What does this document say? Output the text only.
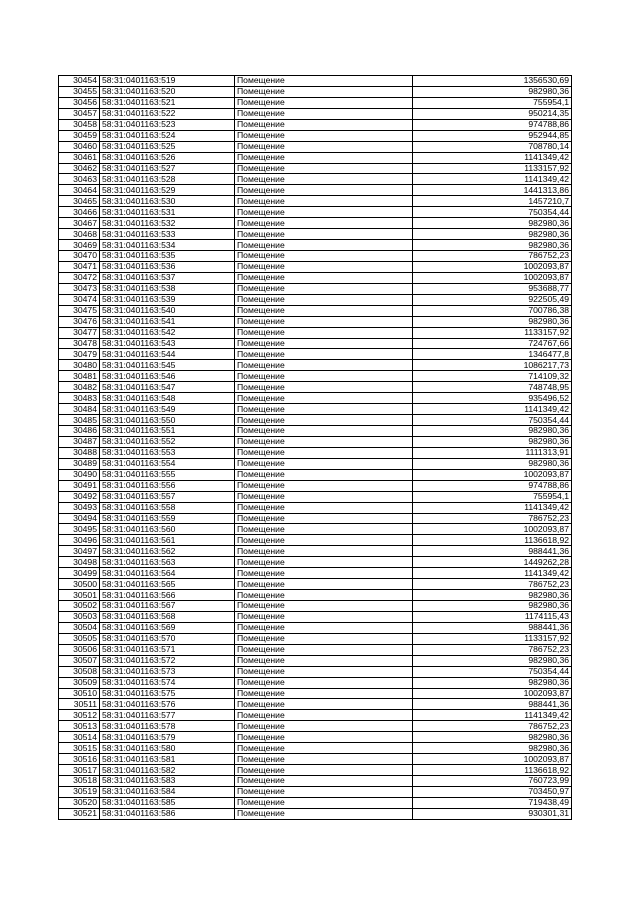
30454	58:31:0401163:519	Помещение	1356530,69
30455	58:31:0401163:520	Помещение	982980,36
30456	58:31:0401163:521	Помещение	755954,1
30457	58:31:0401163:522	Помещение	950214,35
30458	58:31:0401163:523	Помещение	974788,86
30459	58:31:0401163:524	Помещение	952944,85
30460	58:31:0401163:525	Помещение	708780,14
30461	58:31:0401163:526	Помещение	1141349,42
30462	58:31:0401163:527	Помещение	1133157,92
30463	58:31:0401163:528	Помещение	1141349,42
30464	58:31:0401163:529	Помещение	1441313,86
30465	58:31:0401163:530	Помещение	1457210,7
30466	58:31:0401163:531	Помещение	750354,44
30467	58:31:0401163:532	Помещение	982980,36
30468	58:31:0401163:533	Помещение	982980,36
30469	58:31:0401163:534	Помещение	982980,36
30470	58:31:0401163:535	Помещение	786752,23
30471	58:31:0401163:536	Помещение	1002093,87
30472	58:31:0401163:537	Помещение	1002093,87
30473	58:31:0401163:538	Помещение	953688,77
30474	58:31:0401163:539	Помещение	922505,49
30475	58:31:0401163:540	Помещение	700786,38
30476	58:31:0401163:541	Помещение	982980,36
30477	58:31:0401163:542	Помещение	1133157,92
30478	58:31:0401163:543	Помещение	724767,66
30479	58:31:0401163:544	Помещение	1346477,8
30480	58:31:0401163:545	Помещение	1086217,73
30481	58:31:0401163:546	Помещение	714109,32
30482	58:31:0401163:547	Помещение	748748,95
30483	58:31:0401163:548	Помещение	935496,52
30484	58:31:0401163:549	Помещение	1141349,42
30485	58:31:0401163:550	Помещение	750354,44
30486	58:31:0401163:551	Помещение	982980,36
30487	58:31:0401163:552	Помещение	982980,36
30488	58:31:0401163:553	Помещение	1111313,91
30489	58:31:0401163:554	Помещение	982980,36
30490	58:31:0401163:555	Помещение	1002093,87
30491	58:31:0401163:556	Помещение	974788,86
30492	58:31:0401163:557	Помещение	755954,1
30493	58:31:0401163:558	Помещение	1141349,42
30494	58:31:0401163:559	Помещение	786752,23
30495	58:31:0401163:560	Помещение	1002093,87
30496	58:31:0401163:561	Помещение	1136618,92
30497	58:31:0401163:562	Помещение	988441,36
30498	58:31:0401163:563	Помещение	1449262,28
30499	58:31:0401163:564	Помещение	1141349,42
30500	58:31:0401163:565	Помещение	786752,23
30501	58:31:0401163:566	Помещение	982980,36
30502	58:31:0401163:567	Помещение	982980,36
30503	58:31:0401163:568	Помещение	1174115,43
30504	58:31:0401163:569	Помещение	988441,36
30505	58:31:0401163:570	Помещение	1133157,92
30506	58:31:0401163:571	Помещение	786752,23
30507	58:31:0401163:572	Помещение	982980,36
30508	58:31:0401163:573	Помещение	750354,44
30509	58:31:0401163:574	Помещение	982980,36
30510	58:31:0401163:575	Помещение	1002093,87
30511	58:31:0401163:576	Помещение	988441,36
30512	58:31:0401163:577	Помещение	1141349,42
30513	58:31:0401163:578	Помещение	786752,23
30514	58:31:0401163:579	Помещение	982980,36
30515	58:31:0401163:580	Помещение	982980,36
30516	58:31:0401163:581	Помещение	1002093,87
30517	58:31:0401163:582	Помещение	1136618,92
30518	58:31:0401163:583	Помещение	760723,99
30519	58:31:0401163:584	Помещение	703450,97
30520	58:31:0401163:585	Помещение	719438,49
30521	58:31:0401163:586	Помещение	930301,31
